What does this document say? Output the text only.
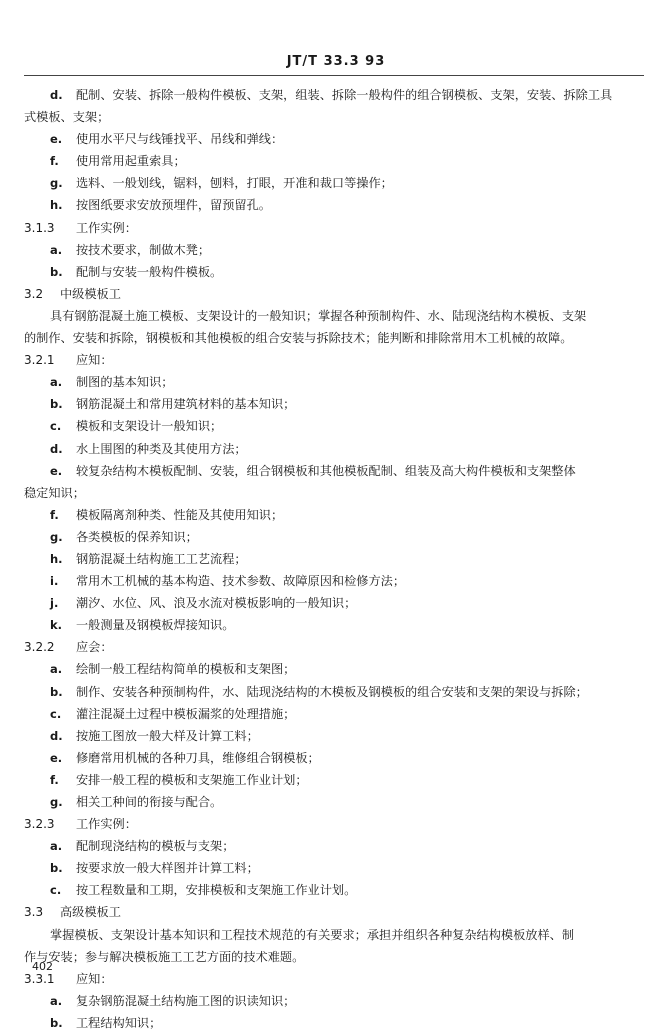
JT/T 33.3 93
d.	配制、安装、拆除一般构件模板、支架，组装、拆除一般构件的组合钢模板、支架，安装、拆除工具
式模板、支架；
e.	使用水平尺与线锤找平、吊线和弹线：
f.	使用常用起重索具；
g.	选料、一般划线，锯料，刨料，打眼，开准和裁口等操作；
h.	按图纸要求安放预埋件，留预留孔。
3.1.3	工作实例：
a.	按技术要求，制做木凳；
b.	配制与安装一般构件模板。
3.2	中级模板工
具有钢筋混凝土施工模板、支架设计的一般知识；掌握各种预制构件、水、陆现浇结构木模板、支架
的制作、安装和拆除，钢模板和其他模板的组合安装与拆除技术；能判断和排除常用木工机械的故障。
3.2.1	应知：
a.	制图的基本知识；
b.	钢筋混凝土和常用建筑材料的基本知识；
c.	模板和支架设计一般知识；
d.	水上围图的种类及其使用方法；
e.	较复杂结构木模板配制、安装，组合钢模板和其他模板配制、组装及高大构件模板和支架整体
稳定知识；
f.	模板隔离剂种类、性能及其使用知识；
g.	各类模板的保养知识；
h.	钢筋混凝土结构施工工艺流程；
i.	常用木工机械的基本构造、技术参数、故障原因和检修方法；
j.	潮汐、水位、风、浪及水流对模板影响的一般知识；
k.	一般测量及钢模板焊接知识。
3.2.2	应会：
a.	绘制一般工程结构简单的模板和支架图；
b.	制作、安装各种预制构件，水、陆现浇结构的木模板及钢模板的组合安装和支架的架设与拆除；
c.	灌注混凝土过程中模板漏浆的处理措施；
d.	按施工图放一般大样及计算工料；
e.	修磨常用机械的各种刀具，维修组合钢模板；
f.	安排一般工程的模板和支架施工作业计划；
g.	相关工种间的衔接与配合。
3.2.3	工作实例：
a.	配制现浇结构的模板与支架；
b.	按要求放一般大样图并计算工料；
c.	按工程数量和工期，安排模板和支架施工作业计划。
3.3	高级模板工
掌握模板、支架设计基本知识和工程技术规范的有关要求；承担并组织各种复杂结构模板放样、制
作与安装；参与解决模板施工工艺方面的技术难题。
3.3.1	应知：
a.	复杂钢筋混凝土结构施工图的识读知识；
b.	工程结构知识；
402
